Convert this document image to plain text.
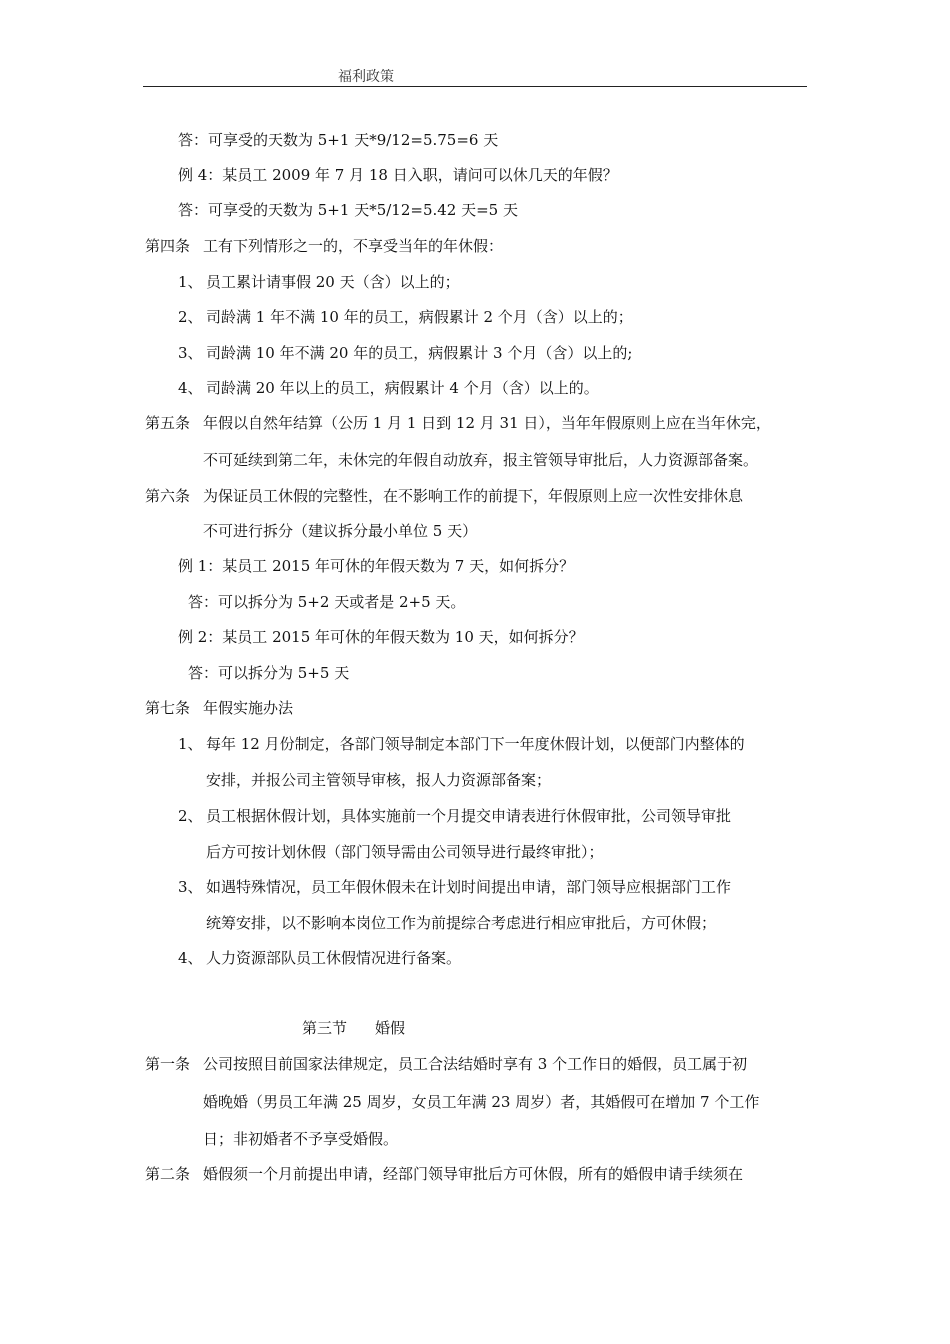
福利政策
答：可享受的天数为 5+1 天*9/12=5.75=6 天
例 4：某员工 2009 年 7 月 18 日入职，请问可以休几天的年假？
答：可享受的天数为 5+1 天*5/12=5.42 天=5 天
第四条 工有下列情形之一的，不享受当年的年休假：
1、 员工累计请事假 20 天（含）以上的；
2、 司龄满 1 年不满 10 年的员工，病假累计 2 个月（含）以上的；
3、 司龄满 10 年不满 20 年的员工，病假累计 3 个月（含）以上的;
4、 司龄满 20 年以上的员工，病假累计 4 个月（含）以上的。
第五条 年假以自然年结算（公历 1 月 1 日到 12 月 31 日），当年年假原则上应在当年休完，
不可延续到第二年，未休完的年假自动放弃，报主管领导审批后，人力资源部备案。
第六条 为保证员工休假的完整性，在不影响工作的前提下，年假原则上应一次性安排休息
不可进行拆分（建议拆分最小单位 5 天）
例 1：某员工 2015 年可休的年假天数为 7 天，如何拆分？
答：可以拆分为 5+2 天或者是 2+5 天。
例 2：某员工 2015 年可休的年假天数为 10 天，如何拆分？
答：可以拆分为 5+5 天
第七条 年假实施办法
1、 每年 12 月份制定，各部门领导制定本部门下一年度休假计划，以便部门内整体的
安排，并报公司主管领导审核，报人力资源部备案；
2、 员工根据休假计划，具体实施前一个月提交申请表进行休假审批，公司领导审批
后方可按计划休假（部门领导需由公司领导进行最终审批）；
3、 如遇特殊情况，员工年假休假未在计划时间提出申请，部门领导应根据部门工作
统筹安排，以不影响本岗位工作为前提综合考虑进行相应审批后，方可休假；
4、 人力资源部队员工休假情况进行备案。
第三节 婚假
第一条 公司按照目前国家法律规定，员工合法结婚时享有 3 个工作日的婚假，员工属于初
婚晚婚（男员工年满 25 周岁，女员工年满 23 周岁）者，其婚假可在增加 7 个工作
日；非初婚者不予享受婚假。
第二条 婚假须一个月前提出申请，经部门领导审批后方可休假，所有的婚假申请手续须在
